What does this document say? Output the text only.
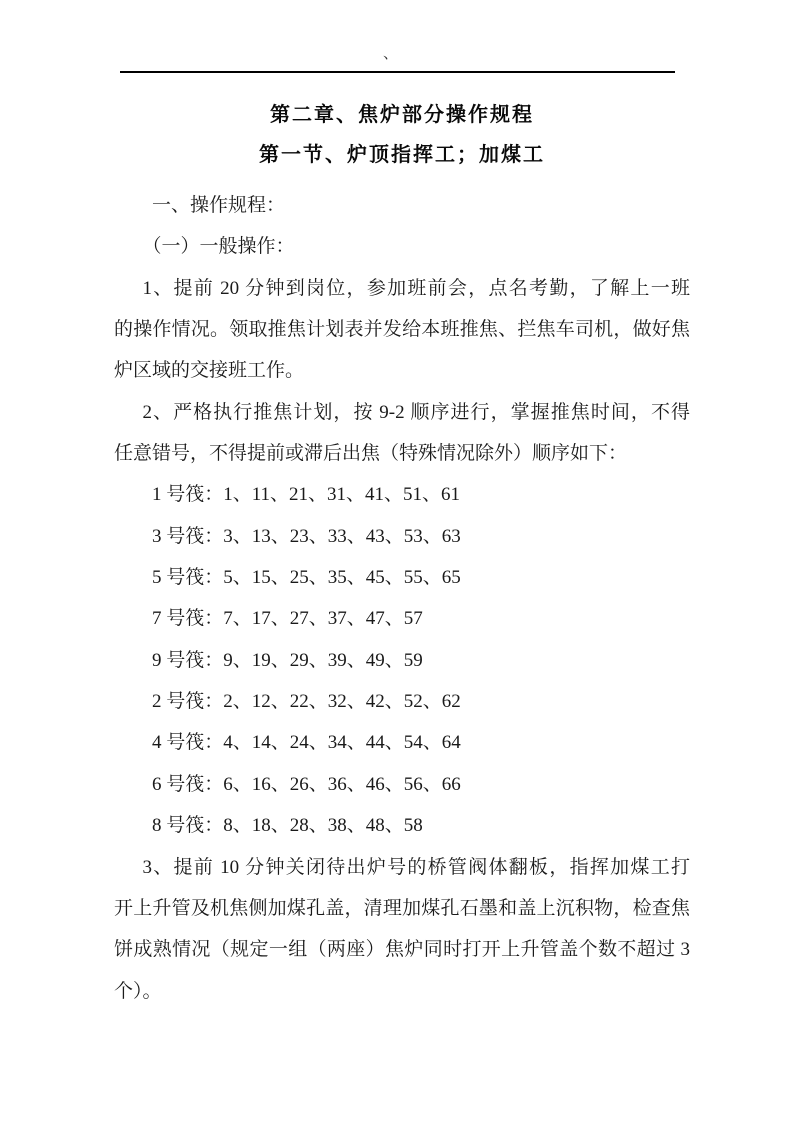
、
第二章、焦炉部分操作规程
第一节、炉顶指挥工；加煤工
一、操作规程：
（一）一般操作：
1、提前 20 分钟到岗位，参加班前会，点名考勤，了解上一班
的操作情况。领取推焦计划表并发给本班推焦、拦焦车司机，做好焦
炉区域的交接班工作。
2、严格执行推焦计划，按 9-2 顺序进行，掌握推焦时间，不得
任意错号，不得提前或滞后出焦（特殊情况除外）顺序如下：
1 号筏：1、11、21、31、41、51、61
3 号筏：3、13、23、33、43、53、63
5 号筏：5、15、25、35、45、55、65
7 号筏：7、17、27、37、47、57
9 号筏：9、19、29、39、49、59
2 号筏：2、12、22、32、42、52、62
4 号筏：4、14、24、34、44、54、64
6 号筏：6、16、26、36、46、56、66
8 号筏：8、18、28、38、48、58
3、提前 10 分钟关闭待出炉号的桥管阀体翻板，指挥加煤工打
开上升管及机焦侧加煤孔盖，清理加煤孔石墨和盖上沉积物，检查焦
饼成熟情况（规定一组（两座）焦炉同时打开上升管盖个数不超过 3
个）。
